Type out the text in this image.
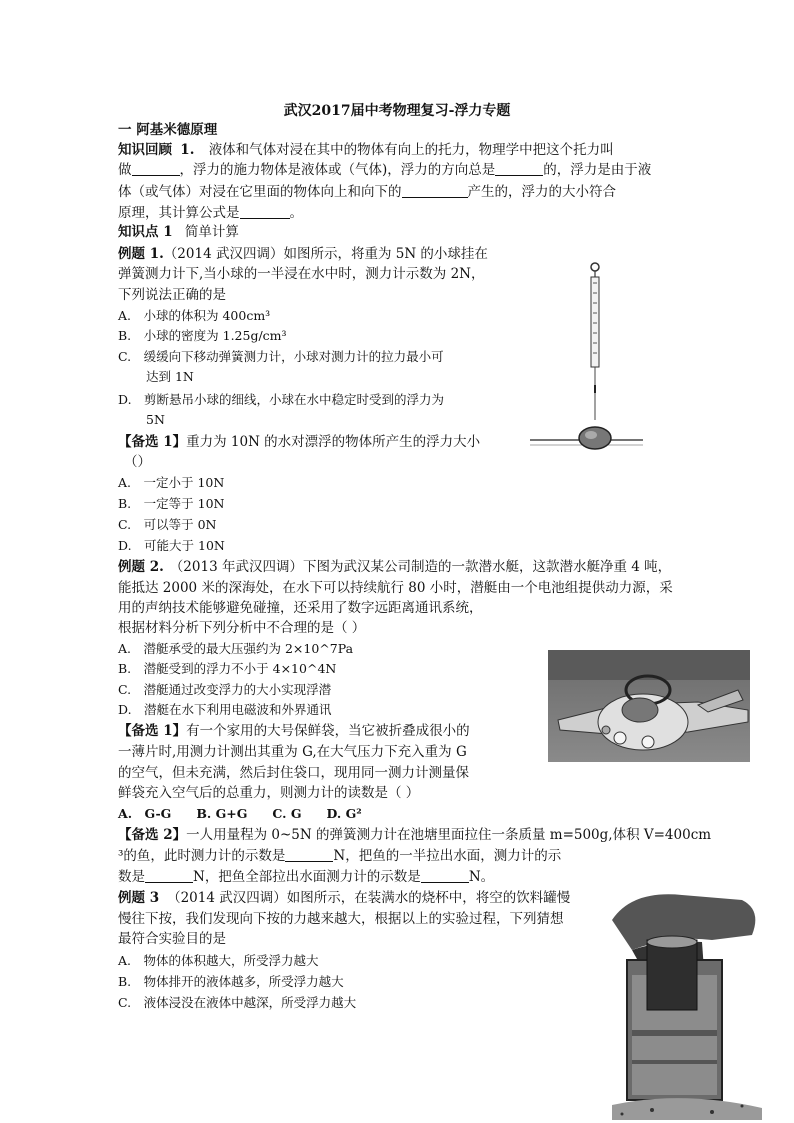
武汉2017届中考物理复习-浮力专题
一 阿基米德原理
知识回顾 1. 液体和气体对浸在其中的物体有向上的托力，物理学中把这个托力叫
做	，浮力的施力物体是液体或（气体)，浮力的方向总是	的，浮力是由于液
体（或气体）对浸在它里面的物体向上和向下的	产生的，浮力的大小符合
原理，其计算公式是	。
知识点 1 简单计算
例题 1.（2014 武汉四调）如图所示，将重为 5N 的小球挂在
弹簧测力计下,当小球的一半浸在水中时，测力计示数为 2N，
下列说法正确的是
A.　小球的体积为 400cm³
B.　小球的密度为 1.25g/cm³
C.　缓缓向下移动弹簧测力计，小球对测力计的拉力最小可
达到 1N
D.　剪断悬吊小球的细线，小球在水中稳定时受到的浮力为
5N
【备选 1】重力为 10N 的水对漂浮的物体所产生的浮力大小
（）
A.　一定小于 10N
B.　一定等于 10N
C.　可以等于 0N
D.　可能大于 10N
例题 2. （2013 年武汉四调）下图为武汉某公司制造的一款潜水艇，这款潜水艇净重 4 吨，
能抵达 2000 米的深海处，在水下可以持续航行 80 小时，潜艇由一个电池组提供动力源，采
用的声纳技术能够避免碰撞，还采用了数字远距离通讯系统，
根据材料分析下列分析中不合理的是（ ）
A.　潜艇承受的最大压强约为 2×10^7Pa
B.　潜艇受到的浮力不小于 4×10^4N
C.　潜艇通过改变浮力的大小实现浮潜
D.　潜艇在水下利用电磁波和外界通讯
【备选 1】有一个家用的大号保鲜袋，当它被折叠成很小的
一薄片时,用测力计测出其重为 G,在大气压力下充入重为 G
的空气，但未充满，然后封住袋口，现用同一测力计测量保
鲜袋充入空气后的总重力，则测力计的读数是（ ）
A.　G-G　　B. G+G　　C. G　　D. G²
【备选 2】一人用量程为 0~5N 的弹簧测力计在池塘里面拉住一条质量 m=500g,体积 V=400cm
³的鱼，此时测力计的示数是	N，把鱼的一半拉出水面，测力计的示
数是	N，把鱼全部拉出水面测力计的示数是	N。
例题 3 （2014 武汉四调）如图所示，在装满水的烧杯中，将空的饮料罐慢
慢往下按，我们发现向下按的力越来越大，根据以上的实验过程，下列猜想
最符合实验目的是
A.　物体的体积越大，所受浮力越大
B.　物体排开的液体越多，所受浮力越大
C.　液体浸没在液体中越深，所受浮力越大
